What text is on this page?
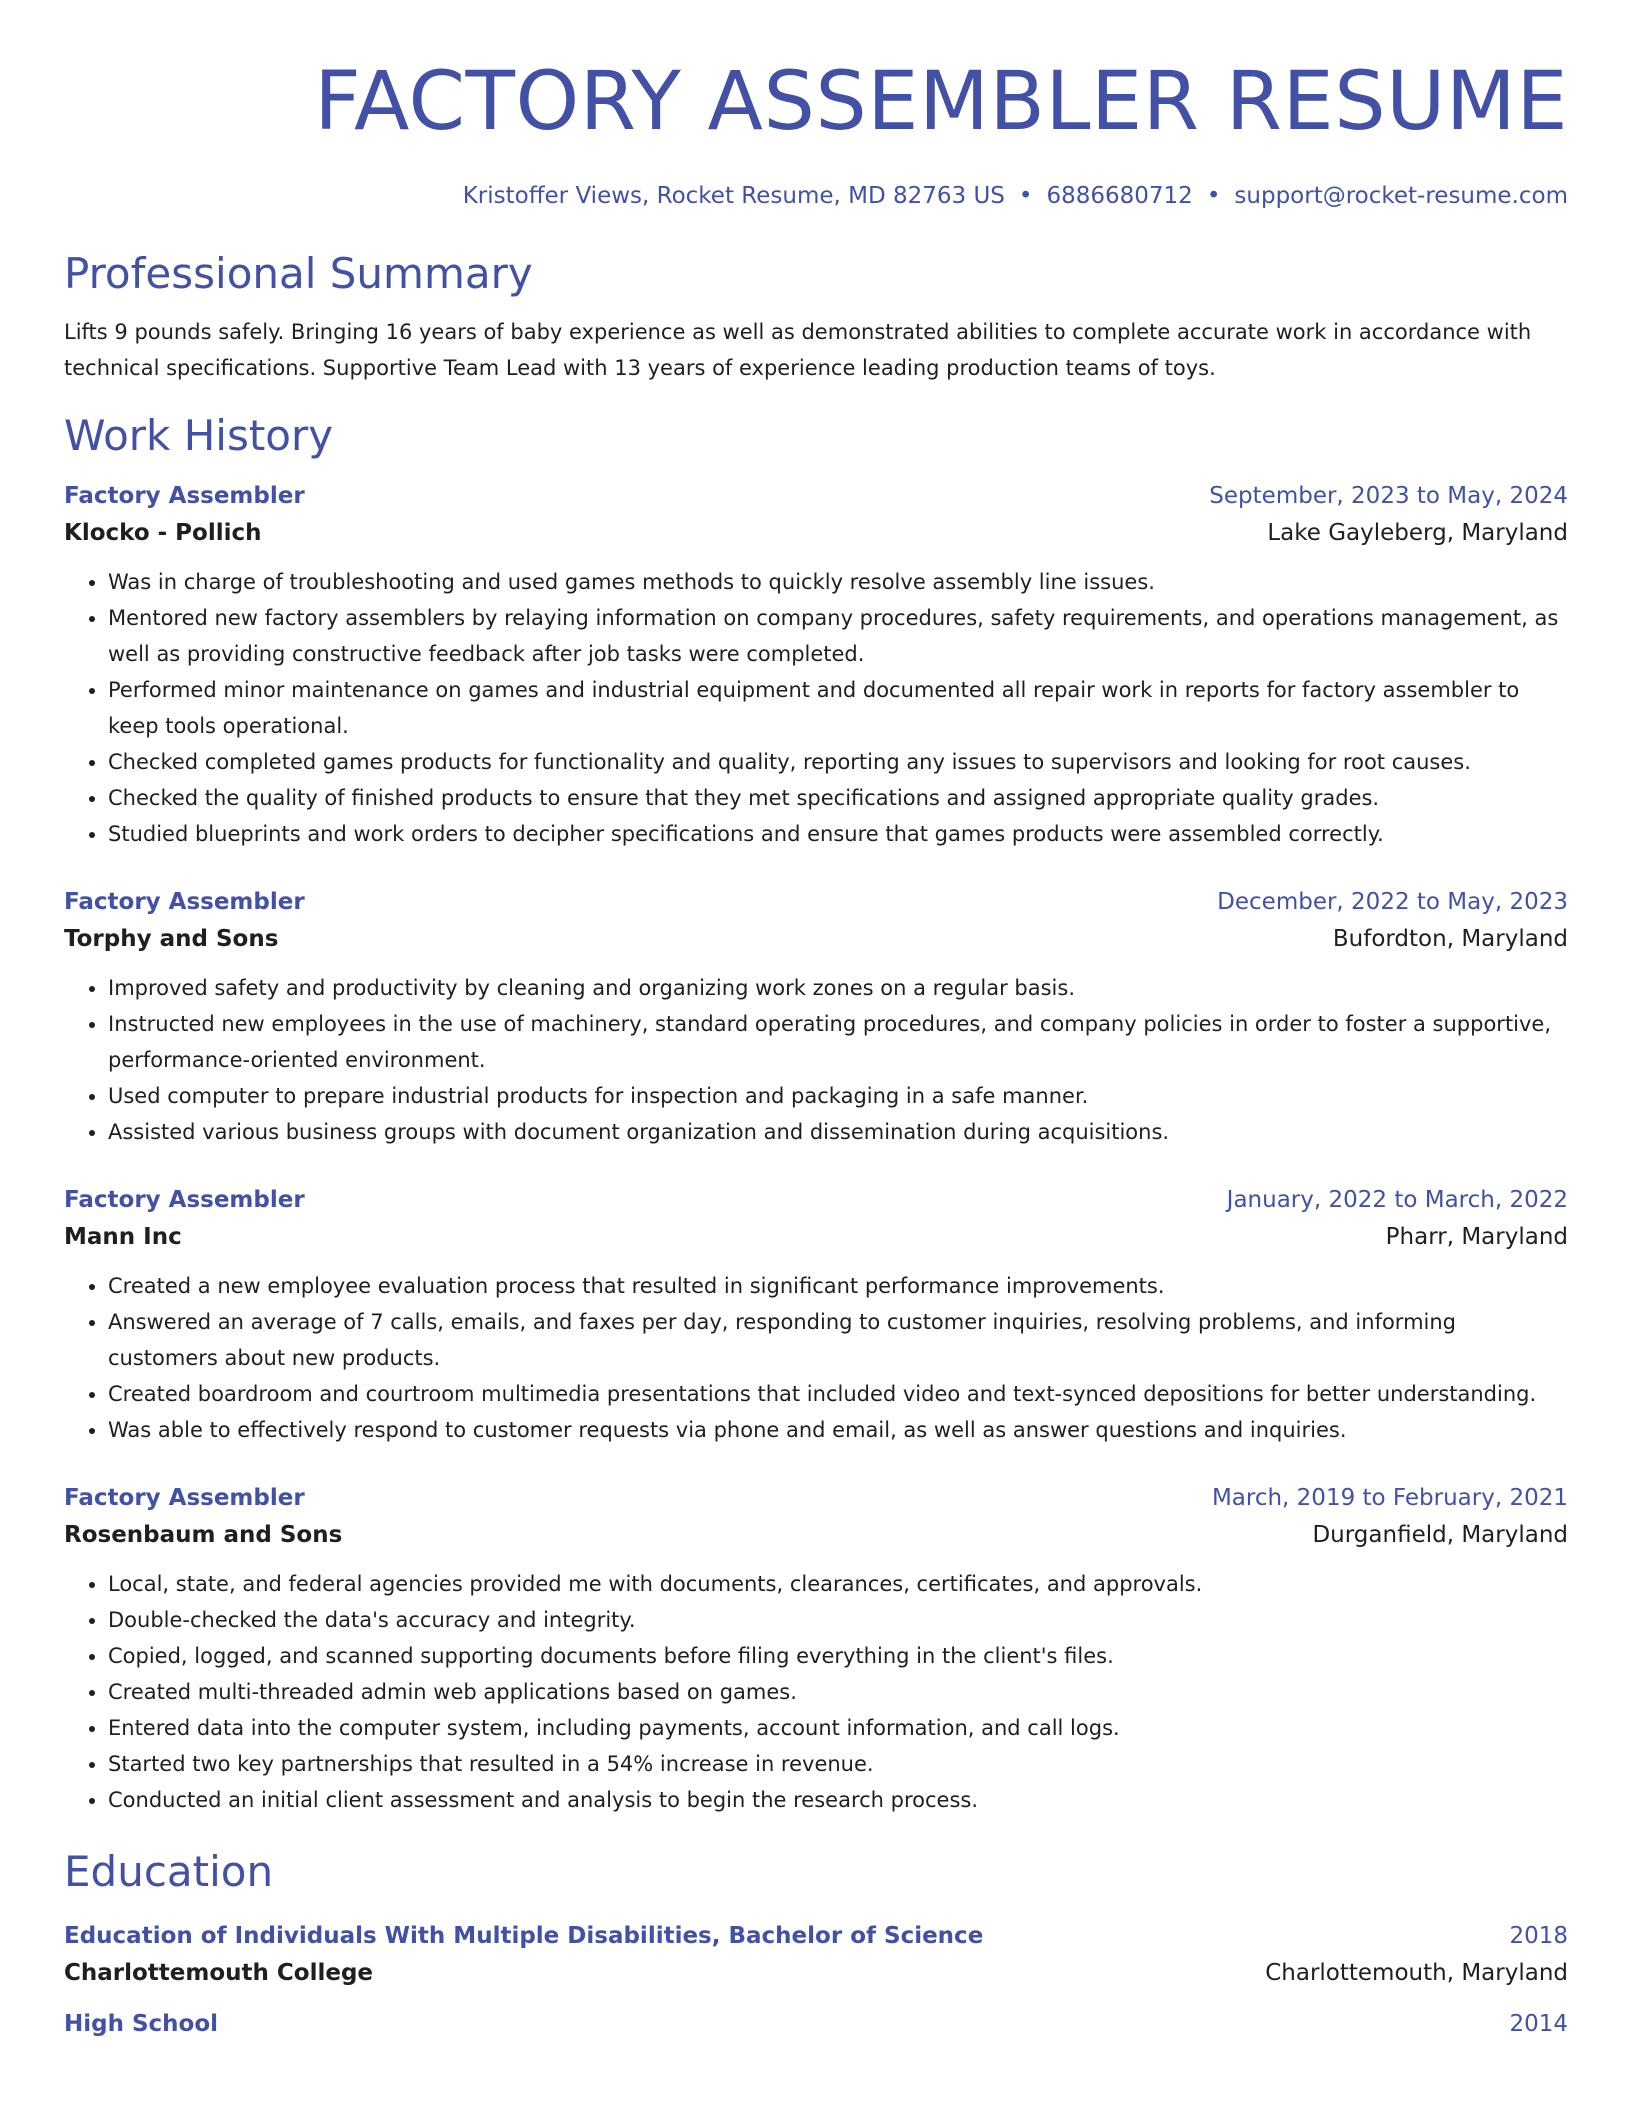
FACTORY ASSEMBLER RESUME
Kristoffer Views, Rocket Resume, MD 82763 US • 6886680712 • support@rocket-resume.com
Professional Summary

Lifts 9 pounds safely. Bringing 16 years of baby experience as well as demonstrated abilities to complete accurate work in accordance with technical specifications. Supportive Team Lead with 13 years of experience leading production teams of toys.

Work History
Factory Assembler	September, 2023 to May, 2024
Klocko - Pollich	Lake Gayleberg, Maryland
• Was in charge of troubleshooting and used games methods to quickly resolve assembly line issues.
• Mentored new factory assemblers by relaying information on company procedures, safety requirements, and operations management, as well as providing constructive feedback after job tasks were completed.
• Performed minor maintenance on games and industrial equipment and documented all repair work in reports for factory assembler to keep tools operational.
• Checked completed games products for functionality and quality, reporting any issues to supervisors and looking for root causes.
• Checked the quality of finished products to ensure that they met specifications and assigned appropriate quality grades.
• Studied blueprints and work orders to decipher specifications and ensure that games products were assembled correctly.
Factory Assembler	December, 2022 to May, 2023
Torphy and Sons	Bufordton, Maryland
• Improved safety and productivity by cleaning and organizing work zones on a regular basis.
• Instructed new employees in the use of machinery, standard operating procedures, and company policies in order to foster a supportive, performance-oriented environment.
• Used computer to prepare industrial products for inspection and packaging in a safe manner.
• Assisted various business groups with document organization and dissemination during acquisitions.
Factory Assembler	January, 2022 to March, 2022
Mann Inc	Pharr, Maryland
• Created a new employee evaluation process that resulted in significant performance improvements.
• Answered an average of 7 calls, emails, and faxes per day, responding to customer inquiries, resolving problems, and informing customers about new products.
• Created boardroom and courtroom multimedia presentations that included video and text-synced depositions for better understanding.
• Was able to effectively respond to customer requests via phone and email, as well as answer questions and inquiries.
Factory Assembler	March, 2019 to February, 2021
Rosenbaum and Sons	Durganfield, Maryland
• Local, state, and federal agencies provided me with documents, clearances, certificates, and approvals.
• Double-checked the data's accuracy and integrity.
• Copied, logged, and scanned supporting documents before filing everything in the client's files.
• Created multi-threaded admin web applications based on games.
• Entered data into the computer system, including payments, account information, and call logs.
• Started two key partnerships that resulted in a 54% increase in revenue.
• Conducted an initial client assessment and analysis to begin the research process.
Education
Education of Individuals With Multiple Disabilities, Bachelor of Science	2018
Charlottemouth College	Charlottemouth, Maryland
High School	2014
